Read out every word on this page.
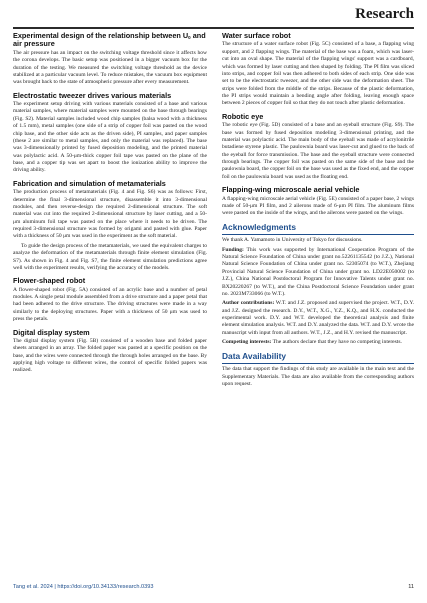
Research
Experimental design of the relationship between $U_0$ and air pressure

The air pressure has an impact on the switching voltage threshold since it affects how the corona develops. The basic setup was positioned in a bigger vacuum box for the duration of the testing. We measured the switching voltage threshold as the device stabilized at a particular vacuum level. To reduce mistakes, the vacuum box equipment was brought back to the state of atmospheric pressure after every measurement.

Electrostatic tweezer drives various materials

The experiment setup driving with various materials consisted of a base and various material samples, where material samples were mounted on the base through bearings (Fig. S2). Material samples included wood chip samples (balsa wood with a thickness of 1.5 mm), metal samples (one side of a strip of copper foil was pasted on the wood chip base, and the other side acts as the driven side), PI samples, and paper samples (these 2 are similar to metal samples, and only the material was replaced). The base was 3-dimensionally printed by fused deposition modeling, and the printed material was polylactic acid. A 50-μm-thick copper foil tape was pasted on the plane of the base, and a copper tip was set apart to boost the ionization ability to improve the driving ability.

Fabrication and simulation of metamaterials

The production process of metamaterials (Fig. 4 and Fig. S6) was as follows: First, determine the final 3-dimensional structure, disassemble it into 3-dimensional modules, and then reverse-design the required 2-dimensional structure. The soft material was cut into the required 2-dimensional structure by laser cutting, and a 50-μm aluminum foil tape was pasted on the place where it needs to be driven. The required 3-dimensional structure was formed by origami and pasted with glue. Paper with a thickness of 50 μm was used in the experiment as the soft material.

To guide the design process of the metamaterials, we used the equivalent charges to analyze the deformation of the metamaterials through finite element simulation (Fig. S7). As shown in Fig. 4 and Fig. S7, the finite element simulation predictions agree well with the experiment results, verifying the accuracy of the models.

Flower-shaped robot

A flower-shaped robot (Fig. 5A) consisted of an acrylic base and a number of petal modules. A single petal module assembled from a drive structure and a paper petal that had been adhered to the drive structure. The driving structures were made in a way similarly to the deploying structures. Paper with a thickness of 50 μm was used to press the petals.

Digital display system

The digital display system (Fig. 5B) consisted of a wooden base and folded paper sheets arranged in an array. The folded paper was pasted at a specific position on the base, and the wires were connected through the through holes arranged on the base. By applying high voltage to different wires, the control of specific folded papers was realized.

Water surface robot

The structure of a water surface robot (Fig. 5C) consisted of a base, a flapping wing support, and 2 flapping wings. The material of the base was a foam, which was laser-cut into an oval shape. The material of the flapping wings' support was a cardboard, which was formed by laser cutting and then shaped by folding. The PI film was sliced into strips, and copper foil was then adhered to both sides of each strip. One side was set to be the electrostatic tweezer, and the other side was the deformation sheet. The strips were folded from the middle of the strips. Because of the plastic deformation, the PI strips would maintain a bending angle after folding, leaving enough space between 2 pieces of copper foil so that they do not touch after plastic deformation.

Robotic eye

The robotic eye (Fig. 5D) consisted of a base and an eyeball structure (Fig. S9). The base was formed by fused deposition modeling 3-dimensional printing, and the material was polylactic acid. The main body of the eyeball was made of acrylonitrile butadiene styrene plastic. The paulownia board was laser-cut and glued to the back of the eyeball for force transmission. The base and the eyeball structure were connected through bearings. The copper foil was pasted on the same side of the base and the paulownia board, the copper foil on the base was used as the fixed end, and the copper foil on the paulownia board was used as the floating end.

Flapping-wing microscale aerial vehicle

A flapping-wing microscale aerial vehicle (Fig. 5E) consisted of a paper base, 2 wings made of 50-μm PI film, and 2 ailerons made of 6-μm PI film. The aluminum films were pasted on the inside of the wings, and the ailerons were pasted on the wings.

Acknowledgments

We thank A. Yamamoto in University of Tokyo for discussions.

Funding: This work was supported by International Cooperation Program of the Natural Science Foundation of China under grant no.52261135542 (to J.Z.), National Natural Science Foundation of China under grant no. 52305074 (to W.T.), Zhejiang Provincial Natural Science Foundation of China under grant no. LD22E050002 (to J.Z.), China National Postdoctoral Program for Innovative Talents under grant no. BX20220267 (to W.T.), and the China Postdoctoral Science Foundation under grant no. 2023M733066 (to W.T.).

Author contributions: W.T. and J.Z. proposed and supervised the project. W.T., D.Y. and J.Z. designed the research. D.Y., W.T., X.G., Y.Z., K.Q., and H.X. conducted the experimental work. D.Y. and W.T. developed the theoretical analysis and finite element simulation analysis. W.T. and D.Y. analyzed the data. W.T. and D.Y. wrote the manuscript with input from all authors. W.T., J.Z., and H.Y. revised the manuscript.

Competing interests: The authors declare that they have no competing interests.

Data Availability

The data that support the findings of this study are available in the main text and the Supplementary Materials. The data are also available from the corresponding authors upon request.

Tang et al. 2024 | https://doi.org/10.34133/research.0393	11
